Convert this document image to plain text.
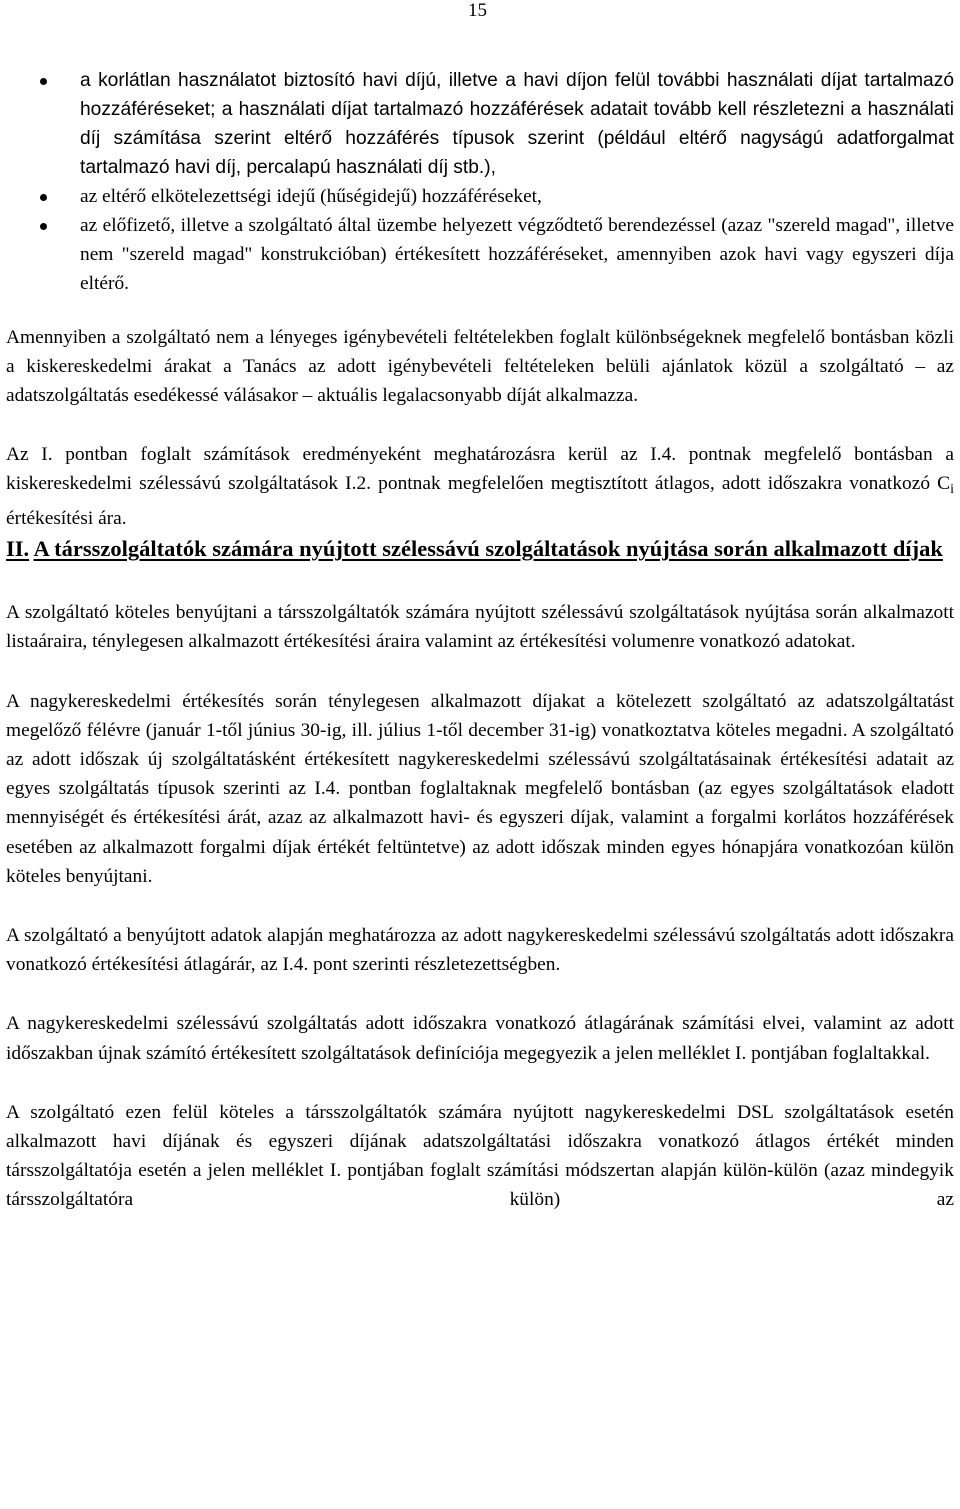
15
a korlátlan használatot biztosító havi díjú, illetve a havi díjon felül további használati díjat tartalmazó hozzáféréseket; a használati díjat tartalmazó hozzáférések adatait tovább kell részletezni a használati díj számítása szerint eltérő hozzáférés típusok szerint (például eltérő nagyságú adatforgalmat tartalmazó havi díj, percalapú használati díj stb.),
az eltérő elkötelezettségi idejű (hűségidejű) hozzáféréseket,
az előfizető, illetve a szolgáltató által üzembe helyezett végződtető berendezéssel (azaz "szereld magad", illetve nem "szereld magad" konstrukcióban) értékesített hozzáféréseket, amennyiben azok havi vagy egyszeri díja eltérő.

Amennyiben a szolgáltató nem a lényeges igénybevételi feltételekben foglalt különbségeknek megfelelő bontásban közli a kiskereskedelmi árakat a Tanács az adott igénybevételi feltételeken belüli ajánlatok közül a szolgáltató – az adatszolgáltatás esedékessé válásakor – aktuális legalacsonyabb díját alkalmazza.

Az I. pontban foglalt számítások eredményeként meghatározásra kerül az I.4. pontnak megfelelő bontásban a kiskereskedelmi szélessávú szolgáltatások I.2. pontnak megfelelően megtisztított átlagos, adott időszakra vonatkozó $C_i$ értékesítési ára.

II. A társszolgáltatók számára nyújtott szélessávú szolgáltatások nyújtása során alkalmazott díjak

A szolgáltató köteles benyújtani a társszolgáltatók számára nyújtott szélessávú szolgáltatások nyújtása során alkalmazott listaáraira, ténylegesen alkalmazott értékesítési áraira valamint az értékesítési volumenre vonatkozó adatokat.

A nagykereskedelmi értékesítés során ténylegesen alkalmazott díjakat a kötelezett szolgáltató az adatszolgáltatást megelőző félévre (január 1-től június 30-ig, ill. július 1-től december 31-ig) vonatkoztatva köteles megadni. A szolgáltató az adott időszak új szolgáltatásként értékesített nagykereskedelmi szélessávú szolgáltatásainak értékesítési adatait az egyes szolgáltatás típusok szerinti az I.4. pontban foglaltaknak megfelelő bontásban (az egyes szolgáltatások eladott mennyiségét és értékesítési árát, azaz az alkalmazott havi- és egyszeri díjak, valamint a forgalmi korlátos hozzáférések esetében az alkalmazott forgalmi díjak értékét feltüntetve) az adott időszak minden egyes hónapjára vonatkozóan külön köteles benyújtani.

A szolgáltató a benyújtott adatok alapján meghatározza az adott nagykereskedelmi szélessávú szolgáltatás adott időszakra vonatkozó értékesítési átlagárár, az I.4. pont szerinti részletezettségben.

A nagykereskedelmi szélessávú szolgáltatás adott időszakra vonatkozó átlagárának számítási elvei, valamint az adott időszakban újnak számító értékesített szolgáltatások definíciója megegyezik a jelen melléklet I. pontjában foglaltakkal.

A szolgáltató ezen felül köteles a társszolgáltatók számára nyújtott nagykereskedelmi DSL szolgáltatások esetén alkalmazott havi díjának és egyszeri díjának adatszolgáltatási időszakra vonatkozó átlagos értékét minden társszolgáltatója esetén a jelen melléklet I. pontjában foglalt számítási módszertan alapján külön-külön (azaz mindegyik társszolgáltatóra külön) az
